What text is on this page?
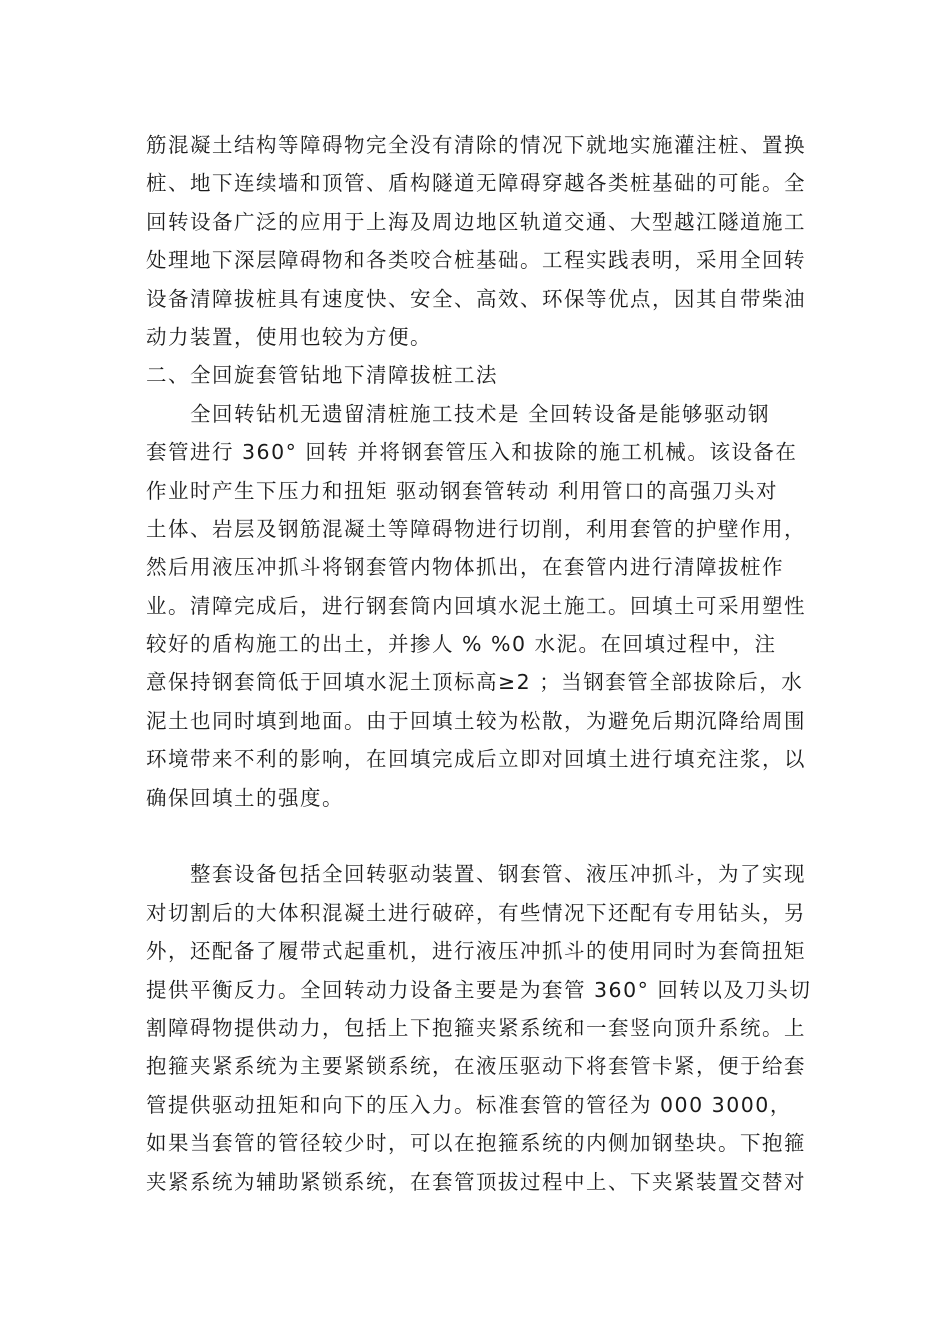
筋混凝土结构等障碍物完全没有清除的情况下就地实施灌注桩、置换
桩、地下连续墙和顶管、盾构隧道无障碍穿越各类桩基础的可能。全
回转设备广泛的应用于上海及周边地区轨道交通、大型越江隧道施工
处理地下深层障碍物和各类咬合桩基础。工程实践表明，采用全回转
设备清障拔桩具有速度快、安全、高效、环保等优点，因其自带柴油
动力装置，使用也较为方便。
二、全回旋套管钻地下清障拔桩工法
全回转钻机无遗留清桩施工技术是 全回转设备是能够驱动钢
套管进行 360° 回转 并将钢套管压入和拔除的施工机械。该设备在
作业时产生下压力和扭矩 驱动钢套管转动 利用管口的高强刀头对
土体、岩层及钢筋混凝土等障碍物进行切削，利用套管的护壁作用，
然后用液压冲抓斗将钢套管内物体抓出，在套管内进行清障拔桩作
业。清障完成后，进行钢套筒内回填水泥土施工。回填土可采用塑性
较好的盾构施工的出土，并掺人 % %0 水泥。在回填过程中，注
意保持钢套筒低于回填水泥土顶标高≥2 ；当钢套管全部拔除后，水
泥土也同时填到地面。由于回填土较为松散，为避免后期沉降给周围
环境带来不利的影响，在回填完成后立即对回填土进行填充注浆，以
确保回填土的强度。
整套设备包括全回转驱动装置、钢套管、液压冲抓斗，为了实现
对切割后的大体积混凝土进行破碎，有些情况下还配有专用钻头，另
外，还配备了履带式起重机，进行液压冲抓斗的使用同时为套筒扭矩
提供平衡反力。全回转动力设备主要是为套管 360° 回转以及刀头切
割障碍物提供动力，包括上下抱箍夹紧系统和一套竖向顶升系统。上
抱箍夹紧系统为主要紧锁系统，在液压驱动下将套管卡紧，便于给套
管提供驱动扭矩和向下的压入力。标准套管的管径为 000 3000，
如果当套管的管径较少时，可以在抱箍系统的内侧加钢垫块。下抱箍
夹紧系统为辅助紧锁系统，在套管顶拔过程中上、下夹紧装置交替对
